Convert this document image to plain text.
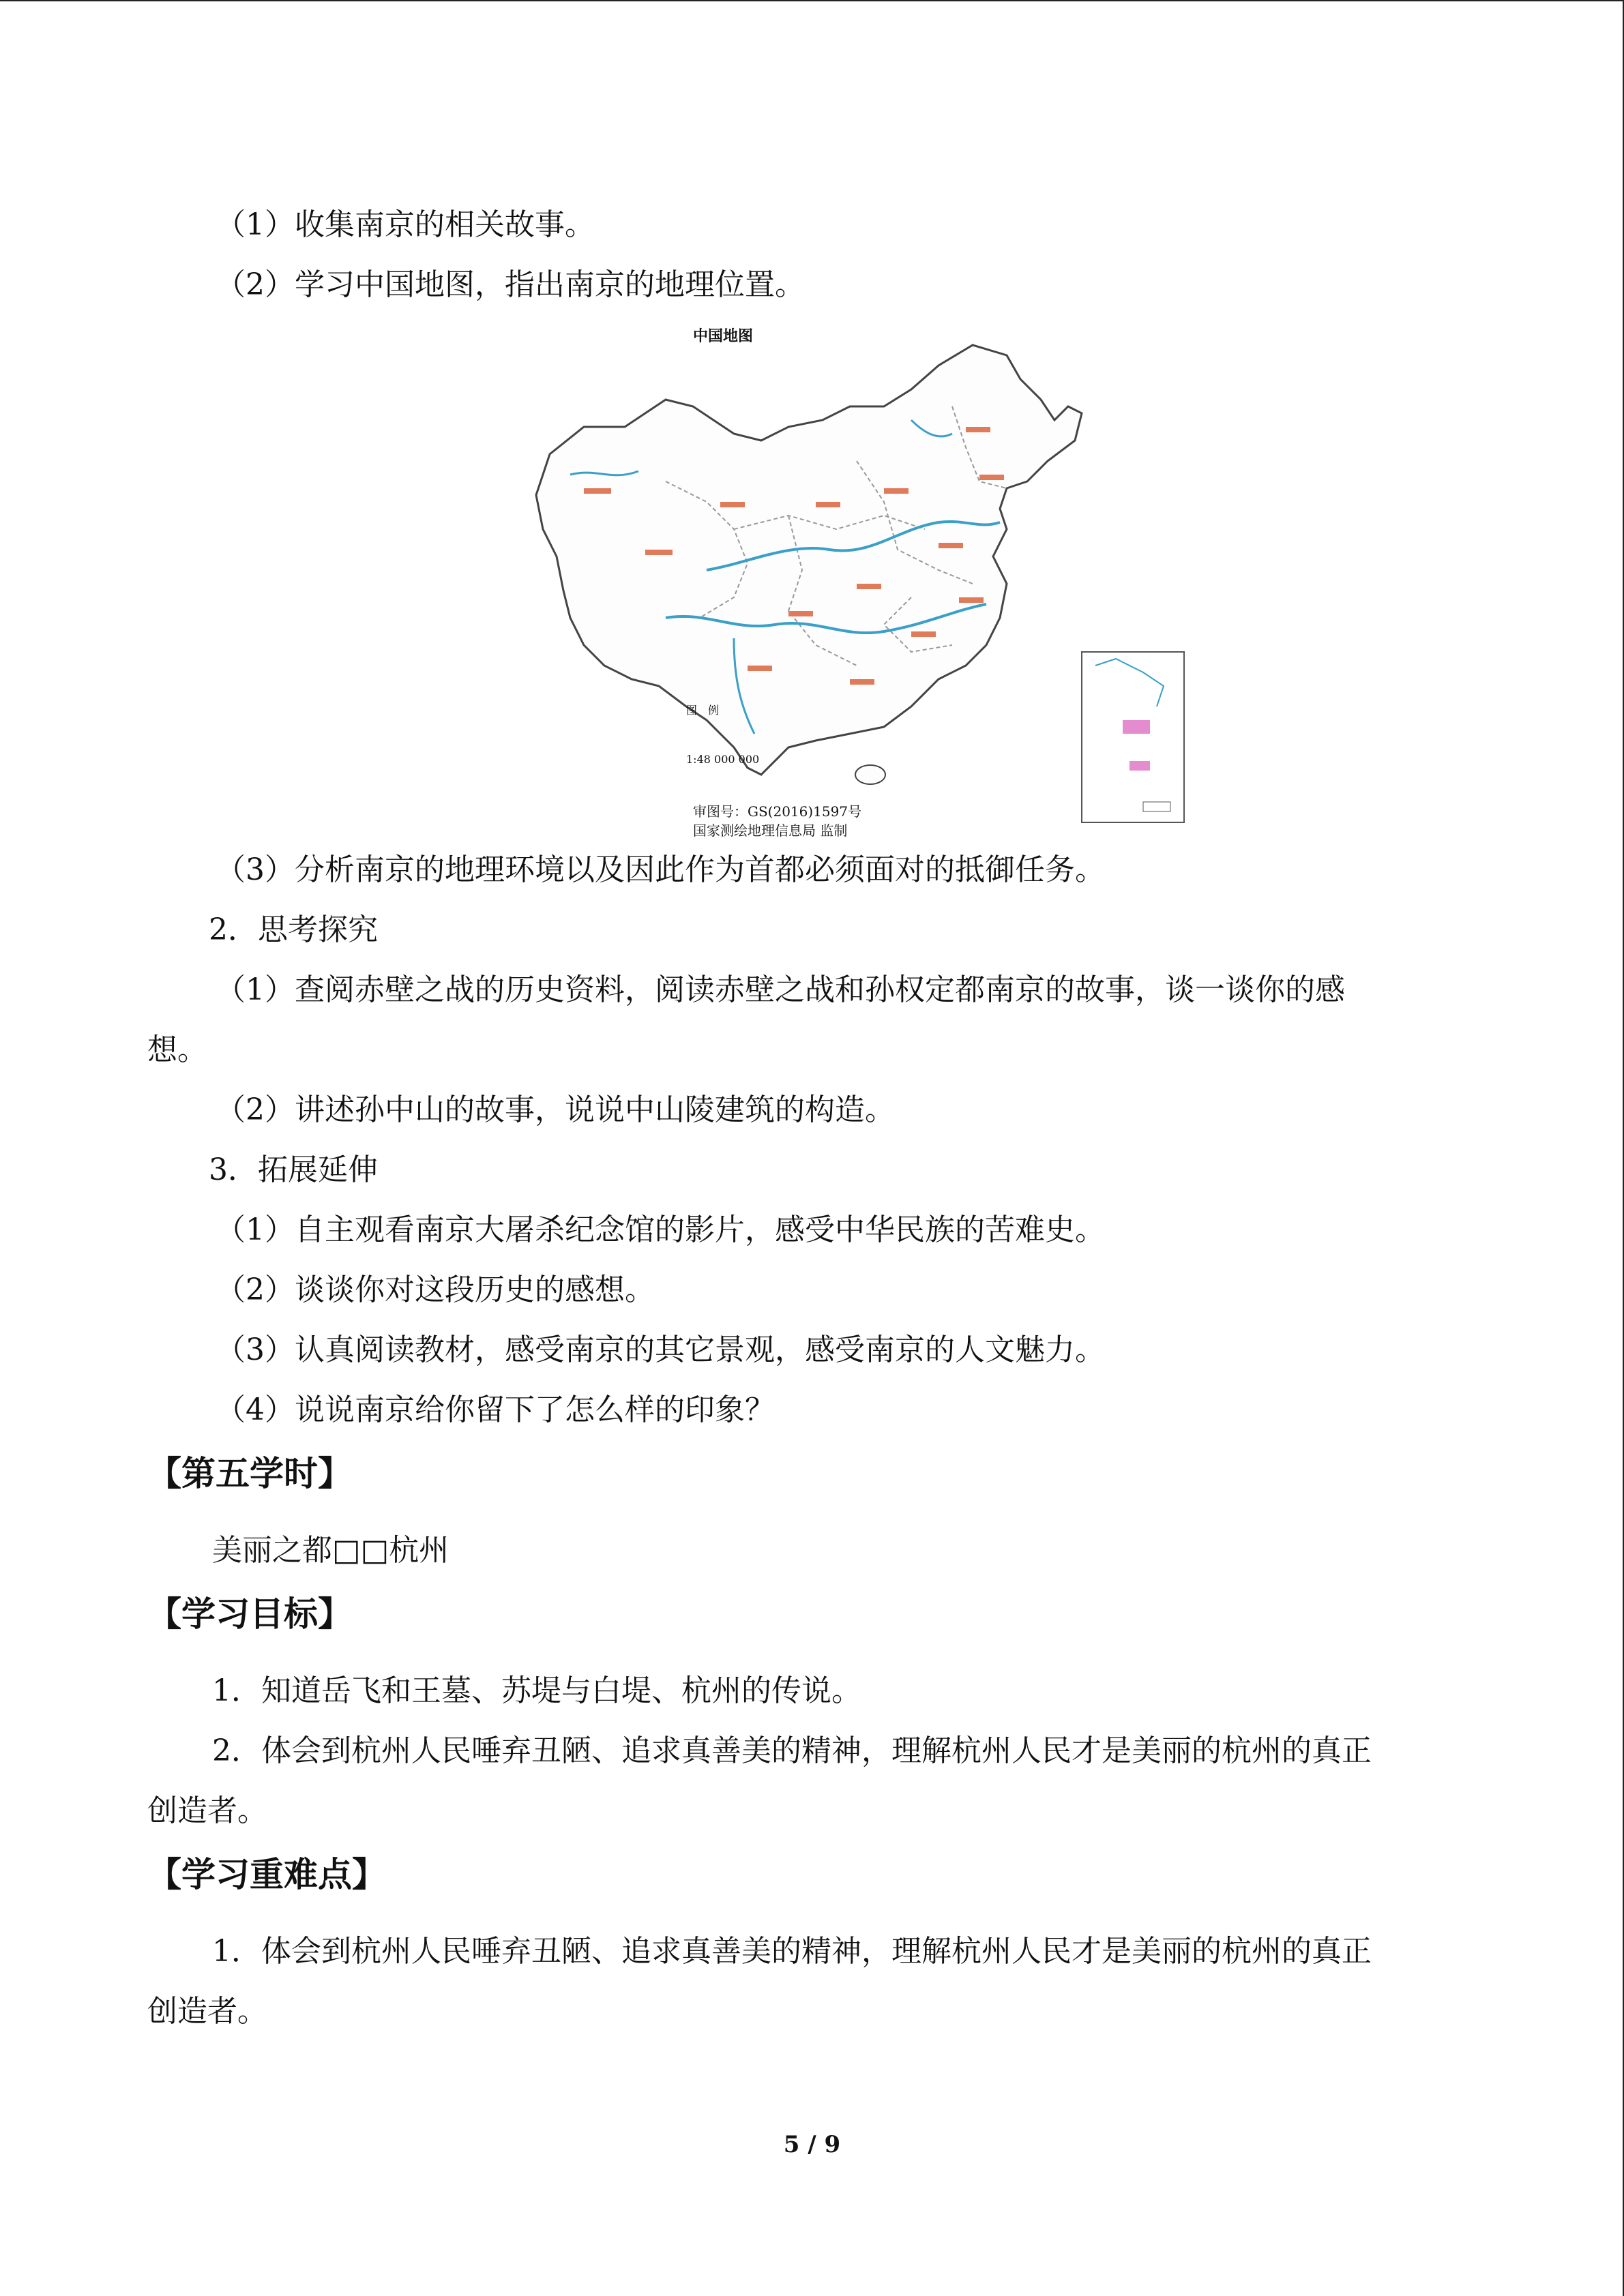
（1）收集南京的相关故事。

（2）学习中国地图，指出南京的地理位置。

中国地图
图　例
1:48 000 000
审图号：GS(2016)1597号
国家测绘地理信息局 监制

（3）分析南京的地理环境以及因此作为首都必须面对的抵御任务。

2．思考探究

（1）查阅赤壁之战的历史资料，阅读赤壁之战和孙权定都南京的故事，谈一谈你的感

想。

（2）讲述孙中山的故事，说说中山陵建筑的构造。

3．拓展延伸

（1）自主观看南京大屠杀纪念馆的影片，感受中华民族的苦难史。

（2）谈谈你对这段历史的感想。

（3）认真阅读教材，感受南京的其它景观，感受南京的人文魅力。

（4）说说南京给你留下了怎么样的印象？

【第五学时】

美丽之都□□杭州

【学习目标】

1．知道岳飞和王墓、苏堤与白堤、杭州的传说。

2．体会到杭州人民唾弃丑陋、追求真善美的精神，理解杭州人民才是美丽的杭州的真正

创造者。

【学习重难点】

1．体会到杭州人民唾弃丑陋、追求真善美的精神，理解杭州人民才是美丽的杭州的真正

创造者。

5 / 9
